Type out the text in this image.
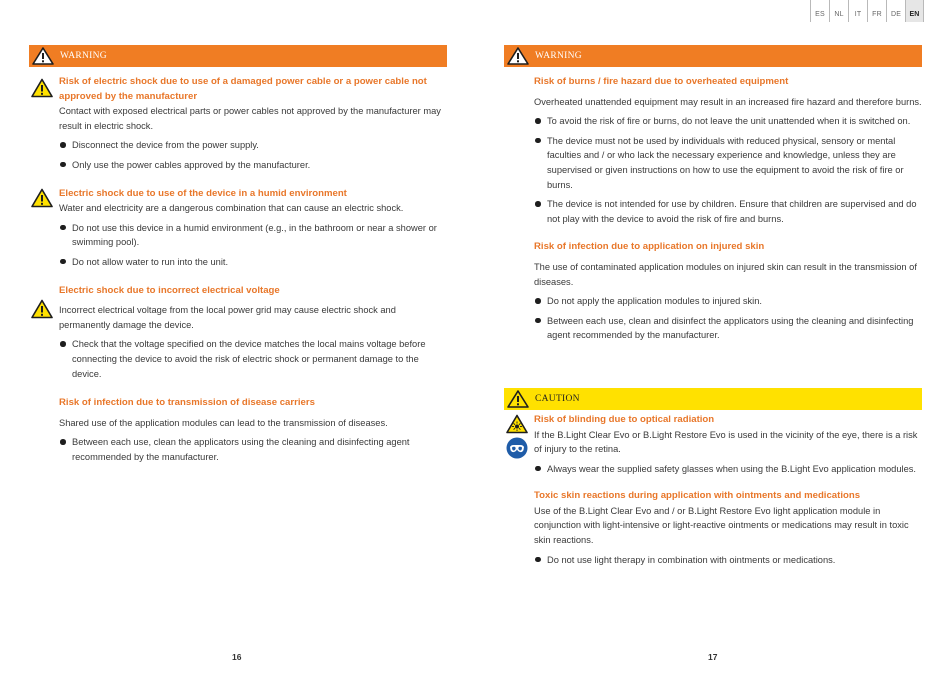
ES	NL	IT	FR	DE	EN
WARNING
Risk of electric shock due to use of a damaged power cable or a power cable not approved by the manufacturer
Contact with exposed electrical parts or power cables not approved by the manufacturer may result in electric shock.
Disconnect the device from the power supply.
Only use the power cables approved by the manufacturer.
Electric shock due to use of the device in a humid environment
Water and electricity are a dangerous combination that can cause an electric shock.
Do not use this device in a humid environment (e.g., in the bathroom or near a shower or swimming pool).
Do not allow water to run into the unit.
Electric shock due to incorrect electrical voltage
Incorrect electrical voltage from the local power grid may cause electric shock and permanently damage the device.
Check that the voltage specified on the device matches the local mains voltage before connecting the device to avoid the risk of electric shock or permanent damage to the device.
Risk of infection due to transmission of disease carriers
Shared use of the application modules can lead to the transmission of diseases.
Between each use, clean the applicators using the cleaning and disinfecting agent recommended by the manufacturer.
16
WARNING
Risk of burns / fire hazard due to overheated equipment
Overheated unattended equipment may result in an increased fire hazard and therefore burns.
To avoid the risk of fire or burns, do not leave the unit unattended when it is switched on.
The device must not be used by individuals with reduced physical, sensory or mental faculties and / or who lack the necessary experience and knowledge, unless they are supervised or given instructions on how to use the equipment to avoid the risk of fire or burns.
The device is not intended for use by children. Ensure that children are supervised and do not play with the device to avoid the risk of fire and burns.
Risk of infection due to application on injured skin
The use of contaminated application modules on injured skin can result in the transmission of diseases.
Do not apply the application modules to injured skin.
Between each use, clean and disinfect the applicators using the cleaning and disinfecting agent recommended by the manufacturer.
CAUTION
Risk of blinding due to optical radiation
If the B.Light Clear Evo or B.Light Restore Evo is used in the vicinity of the eye, there is a risk of injury to the retina.
Always wear the supplied safety glasses when using the B.Light Evo application modules.
Toxic skin reactions during application with ointments and medications
Use of the B.Light Clear Evo and / or B.Light Restore Evo light application module in conjunction with light-intensive or light-reactive ointments or medications may result in toxic skin reactions.
Do not use light therapy in combination with ointments or medications.
17
